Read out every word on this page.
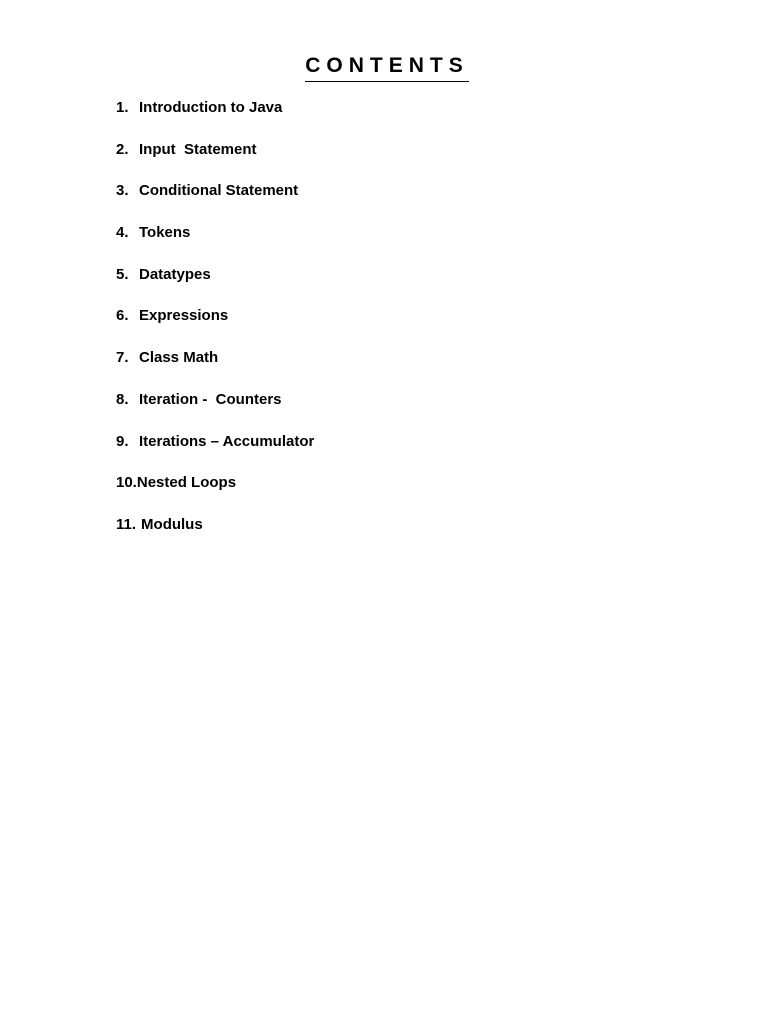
CONTENTS
1. Introduction to Java
2. Input  Statement
3. Conditional Statement
4. Tokens
5. Datatypes
6. Expressions
7. Class Math
8. Iteration -  Counters
9. Iterations – Accumulator
10. Nested Loops
11. Modulus
